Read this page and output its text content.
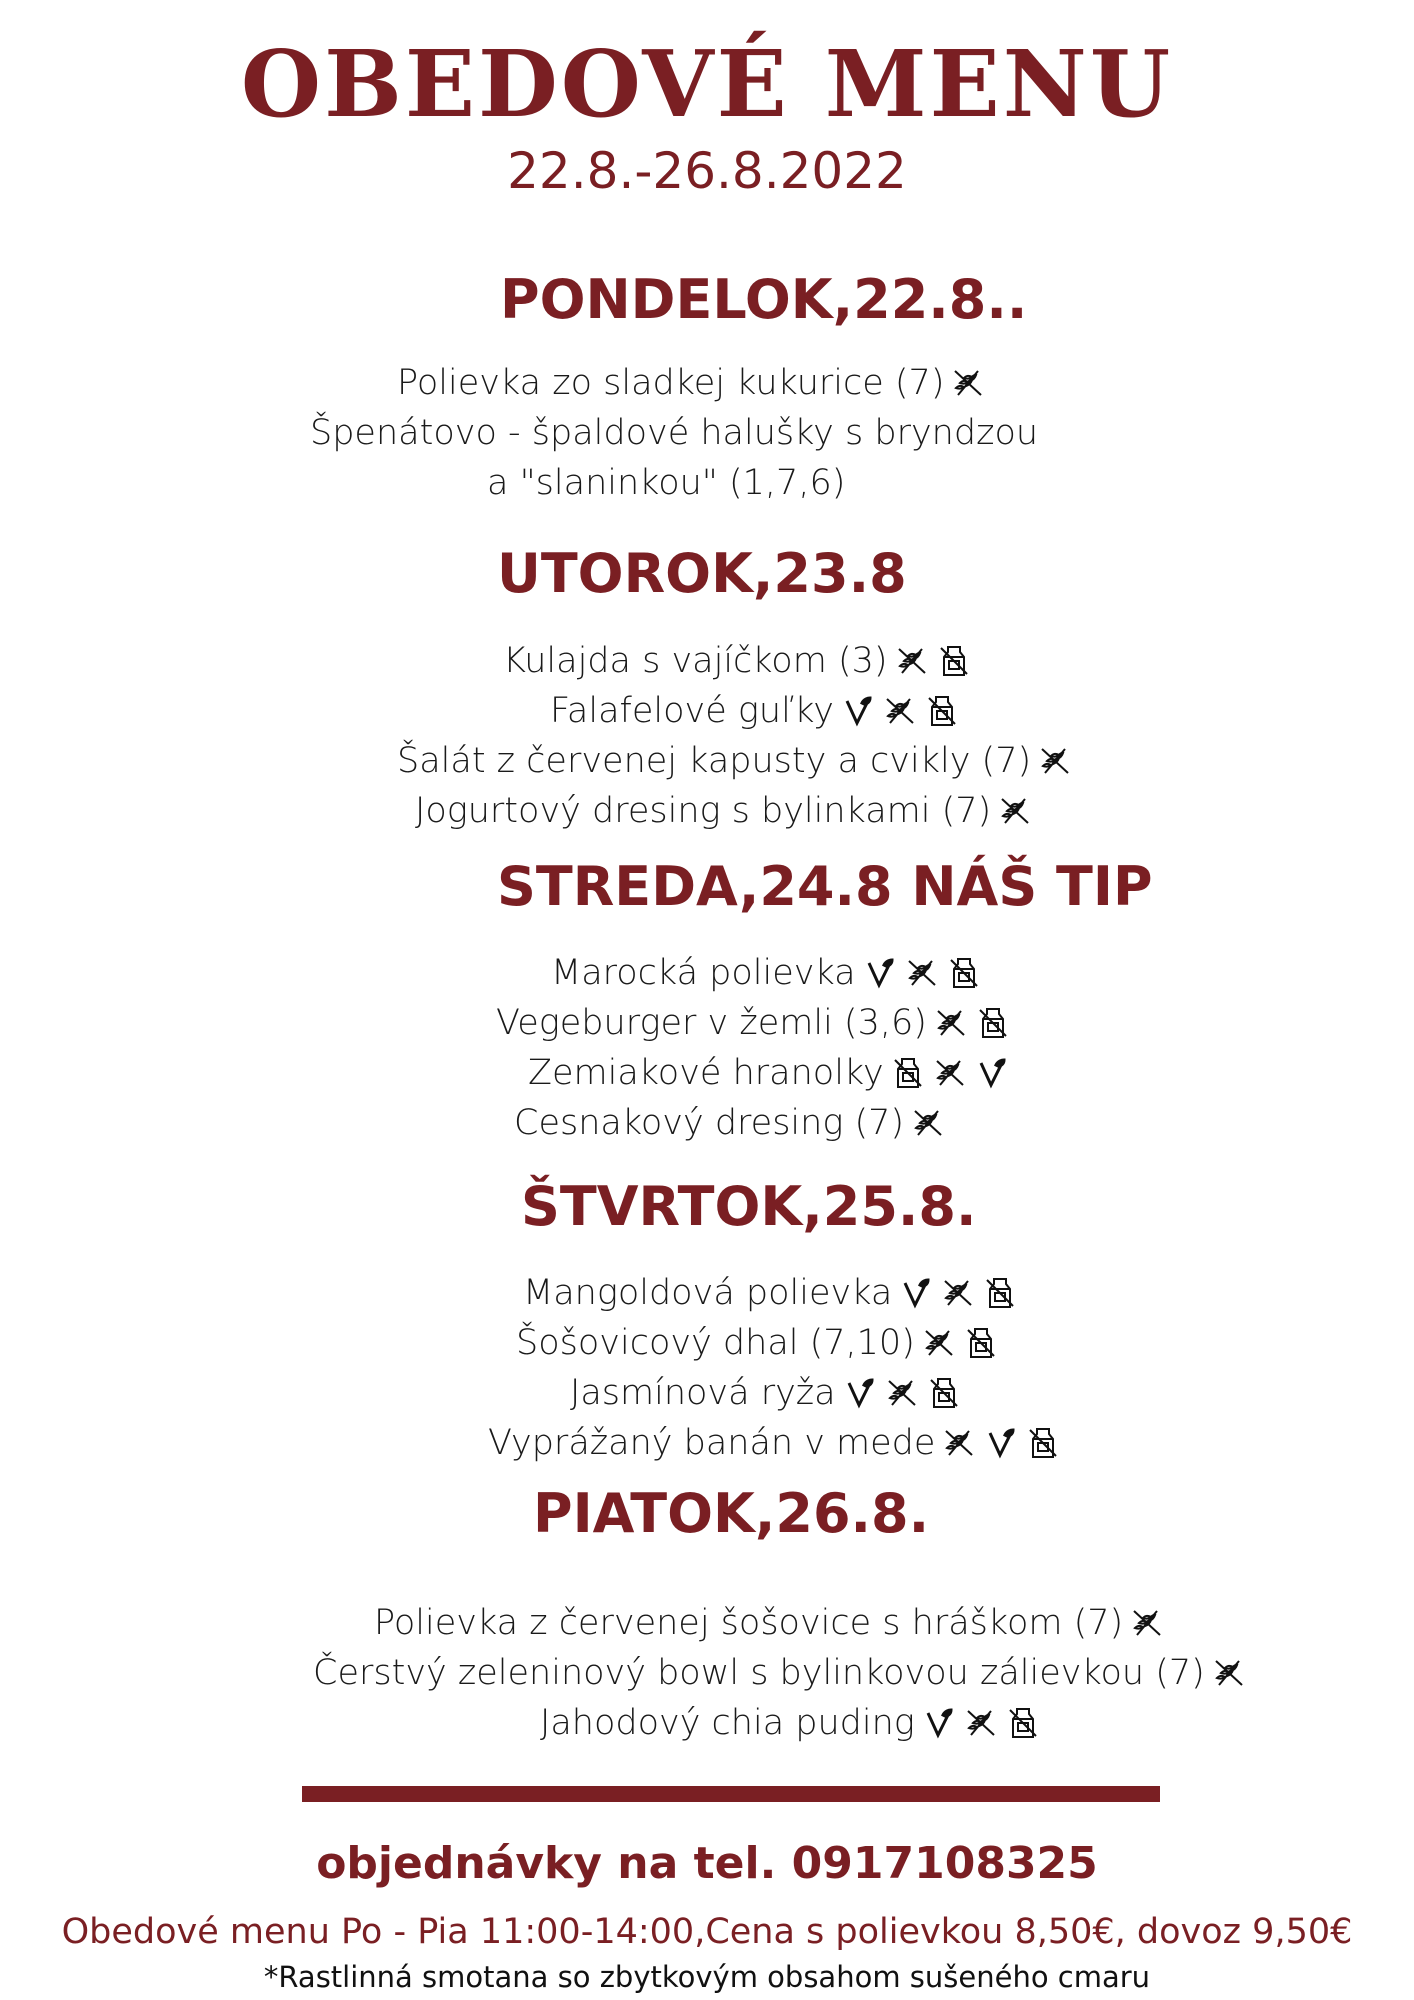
OBEDOVÉ MENU
22.8.-26.8.2022
PONDELOK,22.8..
Polievka zo sladkej kukurice (7)
Špenátovo - špaldové halušky s bryndzou
a "slaninkou" (1,7,6)
UTOROK,23.8
Kulajda s vajíčkom (3)
Falafelové guľky
Šalát z červenej kapusty a cvikly (7)
Jogurtový dresing s bylinkami (7)
STREDA,24.8 NÁŠ TIP
Marocká polievka
Vegeburger v žemli (3,6)
Zemiakové hranolky
Cesnakový dresing (7)
ŠTVRTOK,25.8.
Mangoldová polievka
Šošovicový dhal (7,10)
Jasmínová ryža
Vyprážaný banán v mede
PIATOK,26.8.
Polievka z červenej šošovice s hráškom (7)
Čerstvý zeleninový bowl s bylinkovou zálievkou (7)
Jahodový chia puding
objednávky na tel. 0917108325
Obedové menu Po - Pia 11:00-14:00,Cena s polievkou 8,50€, dovoz 9,50€
*Rastlinná smotana so zbytkovým obsahom sušeného cmaru
